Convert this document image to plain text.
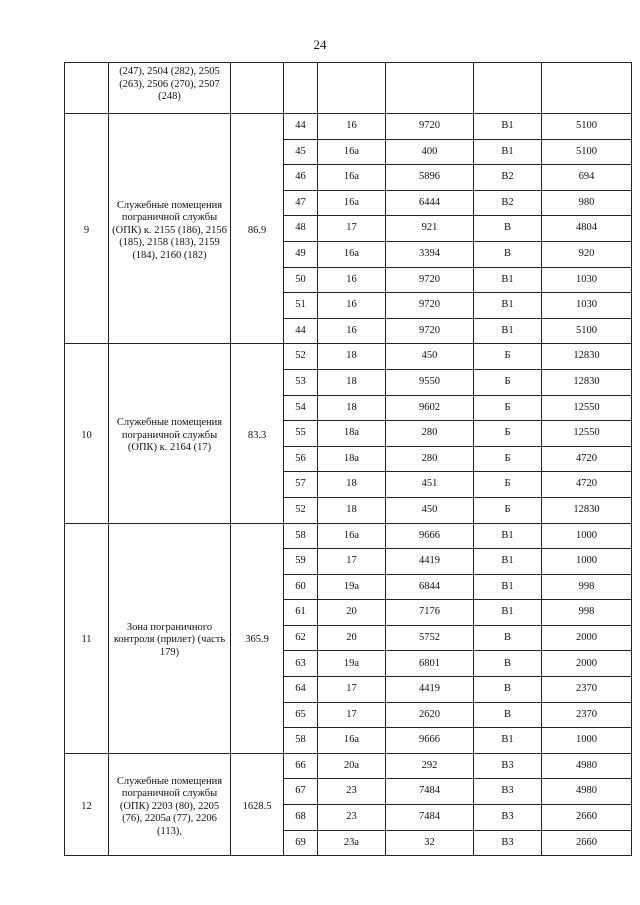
24
	(247), 2504 (282), 2505 (263), 2506 (270), 2507 (248)						
9	Служебные помещения пограничной службы (ОПК) к. 2155 (186), 2156 (185), 2158 (183), 2159 (184), 2160 (182)	86.9	44	16	9720	В1	5100
			45	16а	400	В1	5100
			46	16а	5896	В2	694
			47	16а	6444	В2	980
			48	17	921	В	4804
			49	16а	3394	В	920
			50	16	9720	В1	1030
			51	16	9720	В1	1030
			44	16	9720	В1	5100
10	Служебные помещения пограничной службы (ОПК) к. 2164 (17)	83.3	52	18	450	Б	12830
			53	18	9550	Б	12830
			54	18	9602	Б	12550
			55	18а	280	Б	12550
			56	18а	280	Б	4720
			57	18	451	Б	4720
			52	18	450	Б	12830
11	Зона пограничного контроля (прилет) (часть 179)	365.9	58	16а	9666	В1	1000
			59	17	4419	В1	1000
			60	19а	6844	В1	998
			61	20	7176	В1	998
			62	20	5752	В	2000
			63	19а	6801	В	2000
			64	17	4419	В	2370
			65	17	2620	В	2370
			58	16а	9666	В1	1000
12	Служебные помещения пограничной службы (ОПК) 2203 (80), 2205 (76), 2205а (77), 2206 (113),	1628.5	66	20а	292	В3	4980
			67	23	7484	В3	4980
			68	23	7484	В3	2660
			69	23а	32	В3	2660
